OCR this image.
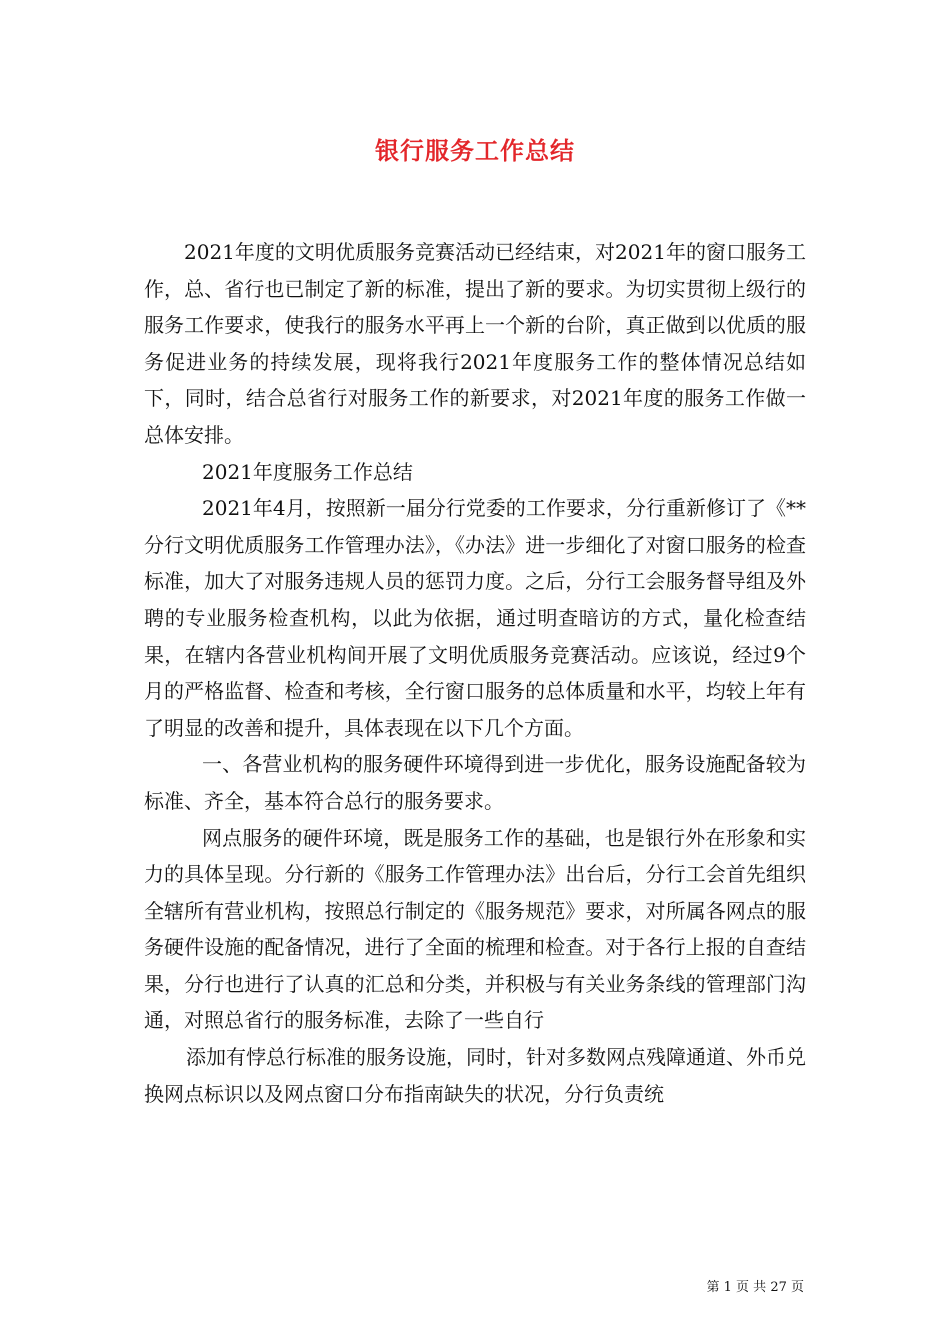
银行服务工作总结

2021年度的文明优质服务竞赛活动已经结束，对2021年的窗口服务工作，总、省行也已制定了新的标准，提出了新的要求。为切实贯彻上级行的服务工作要求，使我行的服务水平再上一个新的台阶，真正做到以优质的服务促进业务的持续发展，现将我行2021年度服务工作的整体情况总结如下，同时，结合总省行对服务工作的新要求，对2021年度的服务工作做一总体安排。

2021年度服务工作总结

2021年4月，按照新一届分行党委的工作要求，分行重新修订了《**分行文明优质服务工作管理办法》，《办法》进一步细化了对窗口服务的检查标准，加大了对服务违规人员的惩罚力度。之后，分行工会服务督导组及外聘的专业服务检查机构，以此为依据，通过明查暗访的方式，量化检查结果，在辖内各营业机构间开展了文明优质服务竞赛活动。应该说，经过9个月的严格监督、检查和考核，全行窗口服务的总体质量和水平，均较上年有了明显的改善和提升，具体表现在以下几个方面。

一、各营业机构的服务硬件环境得到进一步优化，服务设施配备较为标准、齐全，基本符合总行的服务要求。

网点服务的硬件环境，既是服务工作的基础，也是银行外在形象和实力的具体呈现。分行新的《服务工作管理办法》出台后，分行工会首先组织全辖所有营业机构，按照总行制定的《服务规范》要求，对所属各网点的服务硬件设施的配备情况，进行了全面的梳理和检查。对于各行上报的自查结果，分行也进行了认真的汇总和分类，并积极与有关业务条线的管理部门沟通，对照总省行的服务标准，去除了一些自行

添加有悖总行标准的服务设施，同时，针对多数网点残障通道、外币兑换网点标识以及网点窗口分布指南缺失的状况，分行负责统

第 1 页 共 27 页
